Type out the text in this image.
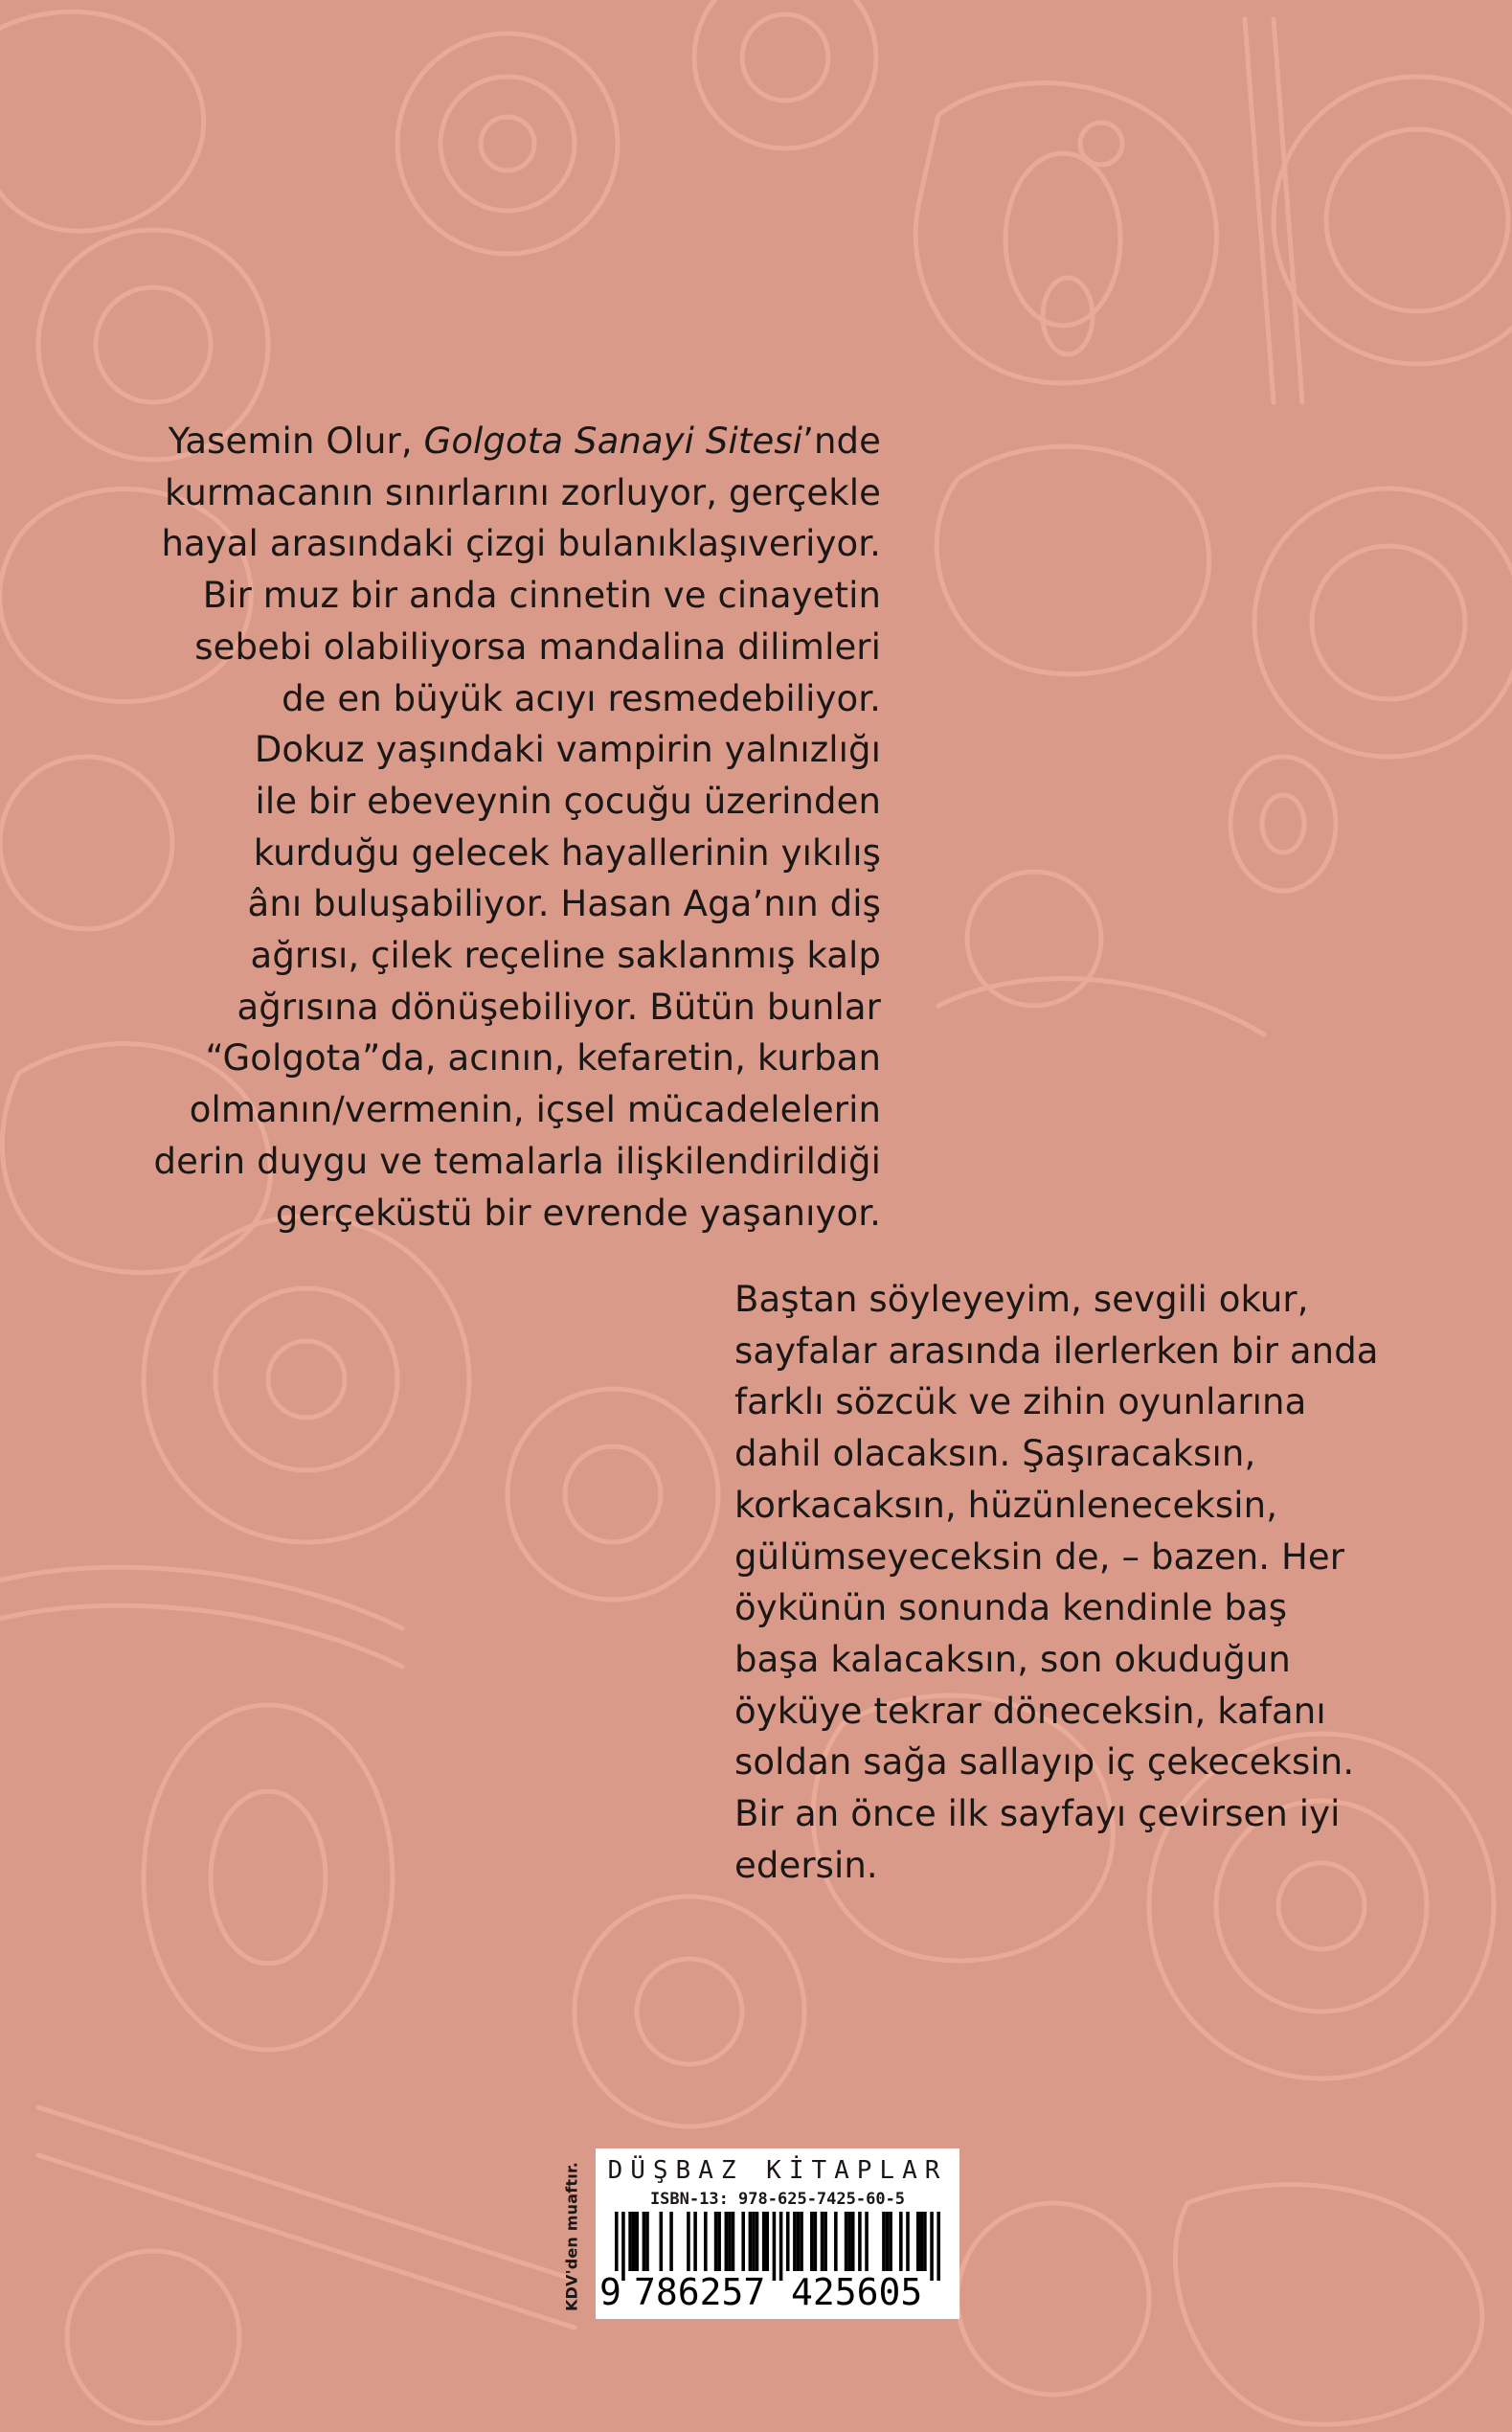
Yasemin Olur, Golgota Sanayi Sitesi’nde

kurmacanın sınırlarını zorluyor, gerçekle

hayal arasındaki çizgi bulanıklaşıveriyor.

Bir muz bir anda cinnetin ve cinayetin

sebebi olabiliyorsa mandalina dilimleri

de en büyük acıyı resmedebiliyor.

Dokuz yaşındaki vampirin yalnızlığı

ile bir ebeveynin çocuğu üzerinden

kurduğu gelecek hayallerinin yıkılış

ânı buluşabiliyor. Hasan Aga’nın diş

ağrısı, çilek reçeline saklanmış kalp

ağrısına dönüşebiliyor. Bütün bunlar

“Golgota”da, acının, kefaretin, kurban

olmanın/vermenin, içsel mücadelelerin

derin duygu ve temalarla ilişkilendirildiği

gerçeküstü bir evrende yaşanıyor.

Baştan söyleyeyim, sevgili okur,

sayfalar arasında ilerlerken bir anda

farklı sözcük ve zihin oyunlarına

dahil olacaksın. Şaşıracaksın,

korkacaksın, hüzünleneceksin,

gülümseyeceksin de, – bazen. Her

öykünün sonunda kendinle baş

başa kalacaksın, son okuduğun

öyküye tekrar döneceksin, kafanı

soldan sağa sallayıp iç çekeceksin.

Bir an önce ilk sayfayı çevirsen iyi

edersin.

KDV'den muaftır.	DÜŞBAZ KİTAPLAR
ISBN-13: 978-625-7425-60-5
9 786257 425605
